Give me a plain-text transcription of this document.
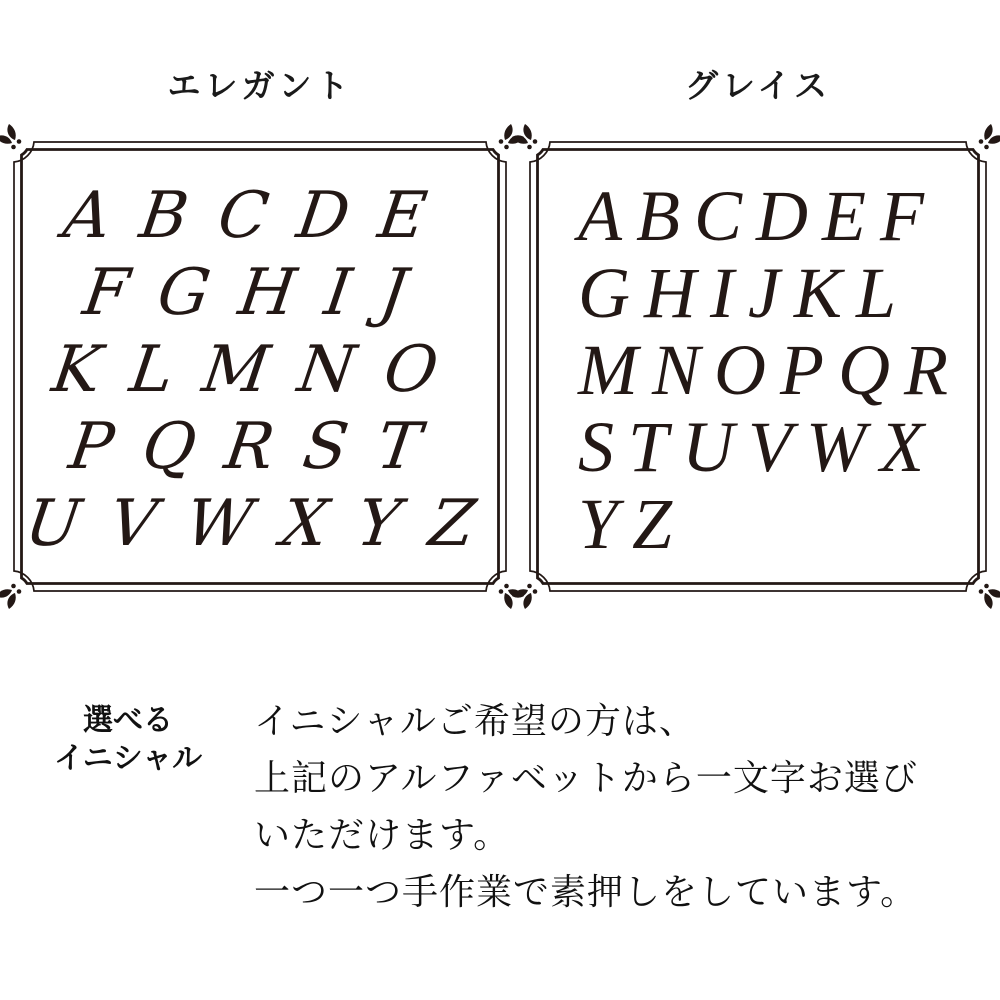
エレガント	グレイス
ABCDE
FGHIJ
KLMNO
PQRST
UVWXYZ
ABCDEF
GHIJKL
MNOPQR
STUVWX
YZ
選べる
イニシャル
イニシャルご希望の方は、
上記のアルファベットから一文字お選び
いただけます。
一つ一つ手作業で素押しをしています。
